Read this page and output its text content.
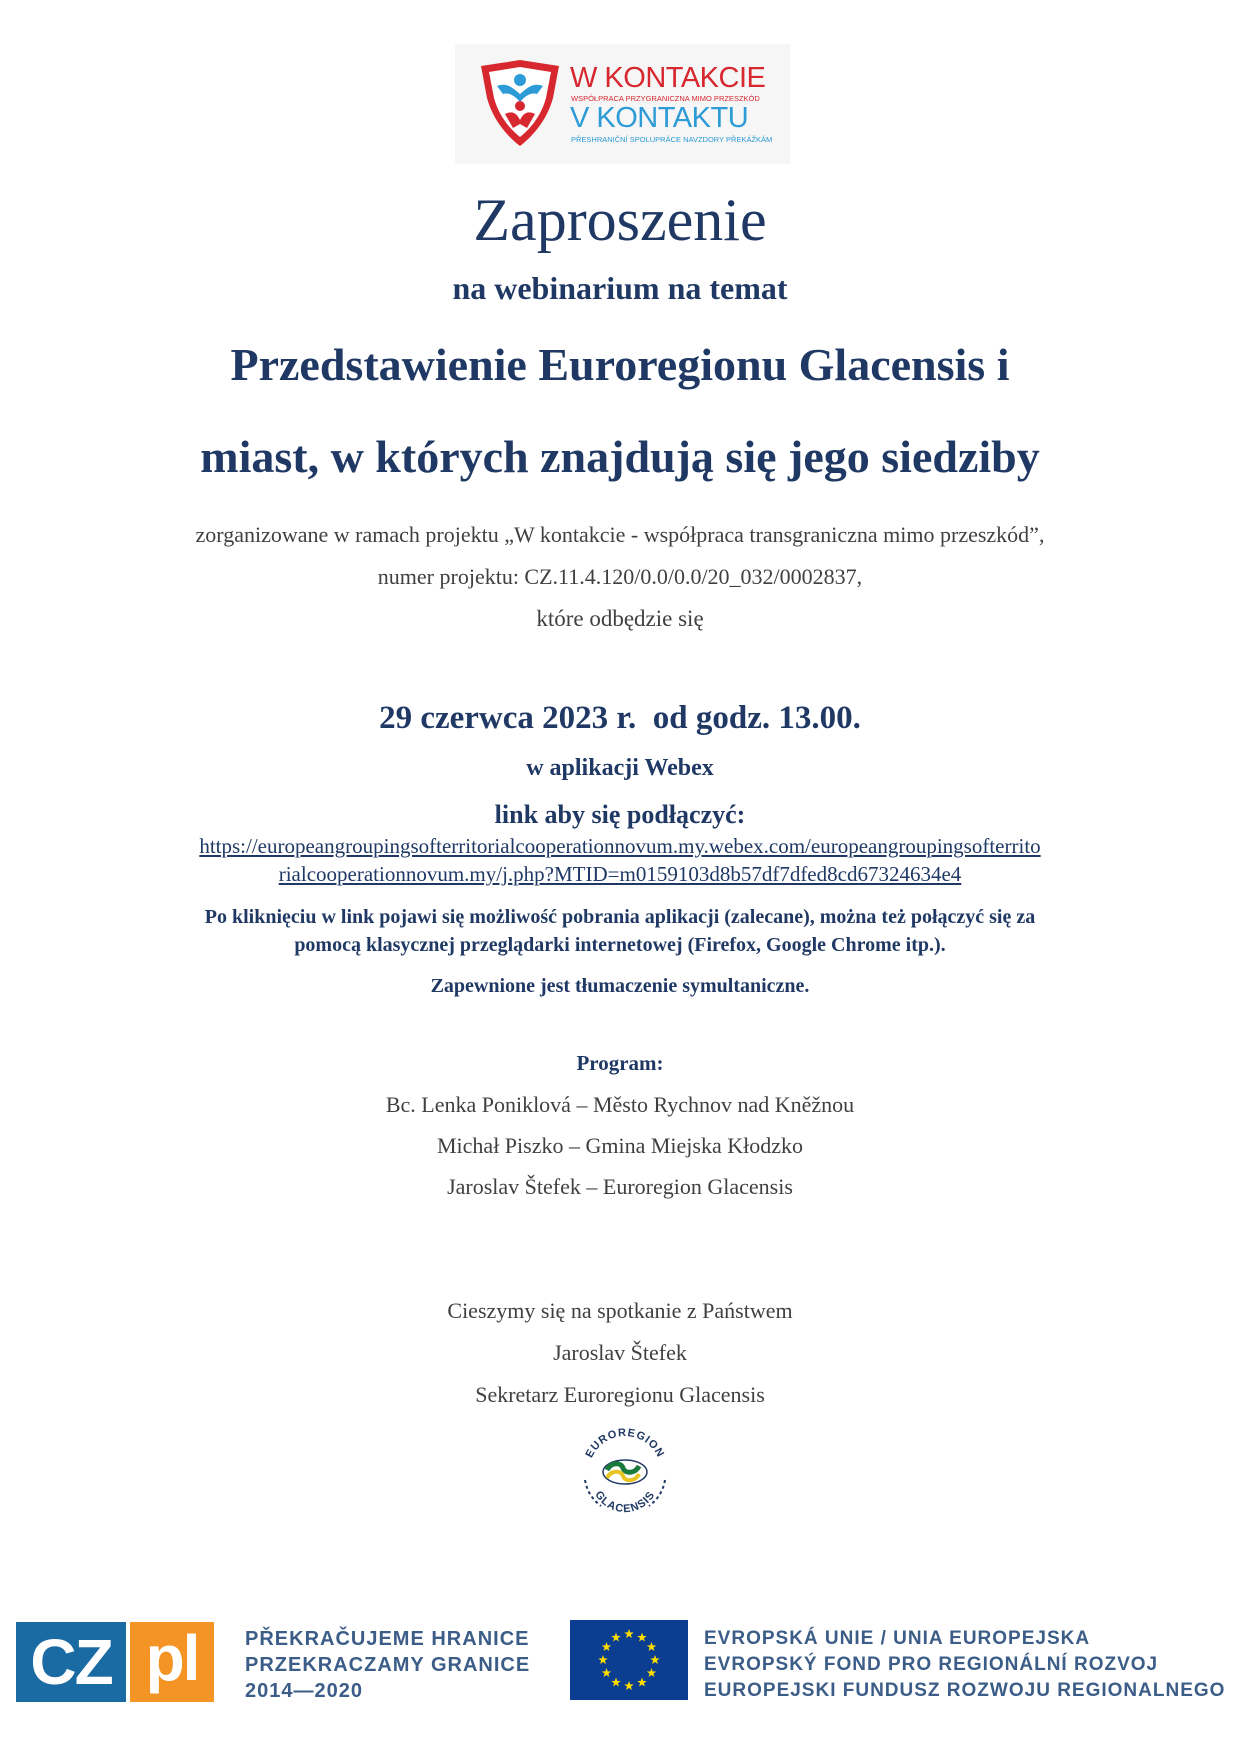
W KONTAKCIE
WSPÓŁPRACA PRZYGRANICZNA MIMO PRZESZKÓD
V KONTAKTU
PŘESHRANIČNÍ SPOLUPRÁCE NAVZDORY PŘEKÁŽKÁM
Zaproszenie
na webinarium na temat
Przedstawienie Euroregionu Glacensis i
miast, w których znajdują się jego siedziby
zorganizowane w ramach projektu „W kontakcie - współpraca transgraniczna mimo przeszkód”,
numer projektu: CZ.11.4.120/0.0/0.0/20_032/0002837,
które odbędzie się
29 czerwca 2023 r.  od godz. 13.00.
w aplikacji Webex
link aby się podłączyć:
https://europeangroupingsofterritorialcooperationnovum.my.webex.com/europeangroupingsofterrito
rialcooperationnovum.my/j.php?MTID=m0159103d8b57df7dfed8cd67324634e4
Po kliknięciu w link pojawi się możliwość pobrania aplikacji (zalecane), można też połączyć się za
pomocą klasycznej przeglądarki internetowej (Firefox, Google Chrome itp.).
Zapewnione jest tłumaczenie symultaniczne.
Program:
Bc. Lenka Poniklová – Město Rychnov nad Kněžnou
Michał Piszko – Gmina Miejska Kłodzko
Jaroslav Štefek – Euroregion Glacensis
Cieszymy się na spotkanie z Państwem
Jaroslav Štefek
Sekretarz Euroregionu Glacensis
EUROREGION
GLACENSIS
CZ pl	PŘEKRAČUJEME HRANICE
PRZEKRACZAMY GRANICE
2014—2020
EVROPSKÁ UNIE / UNIA EUROPEJSKA
EVROPSKÝ FOND PRO REGIONÁLNÍ ROZVOJ
EUROPEJSKI FUNDUSZ ROZWOJU REGIONALNEGO
